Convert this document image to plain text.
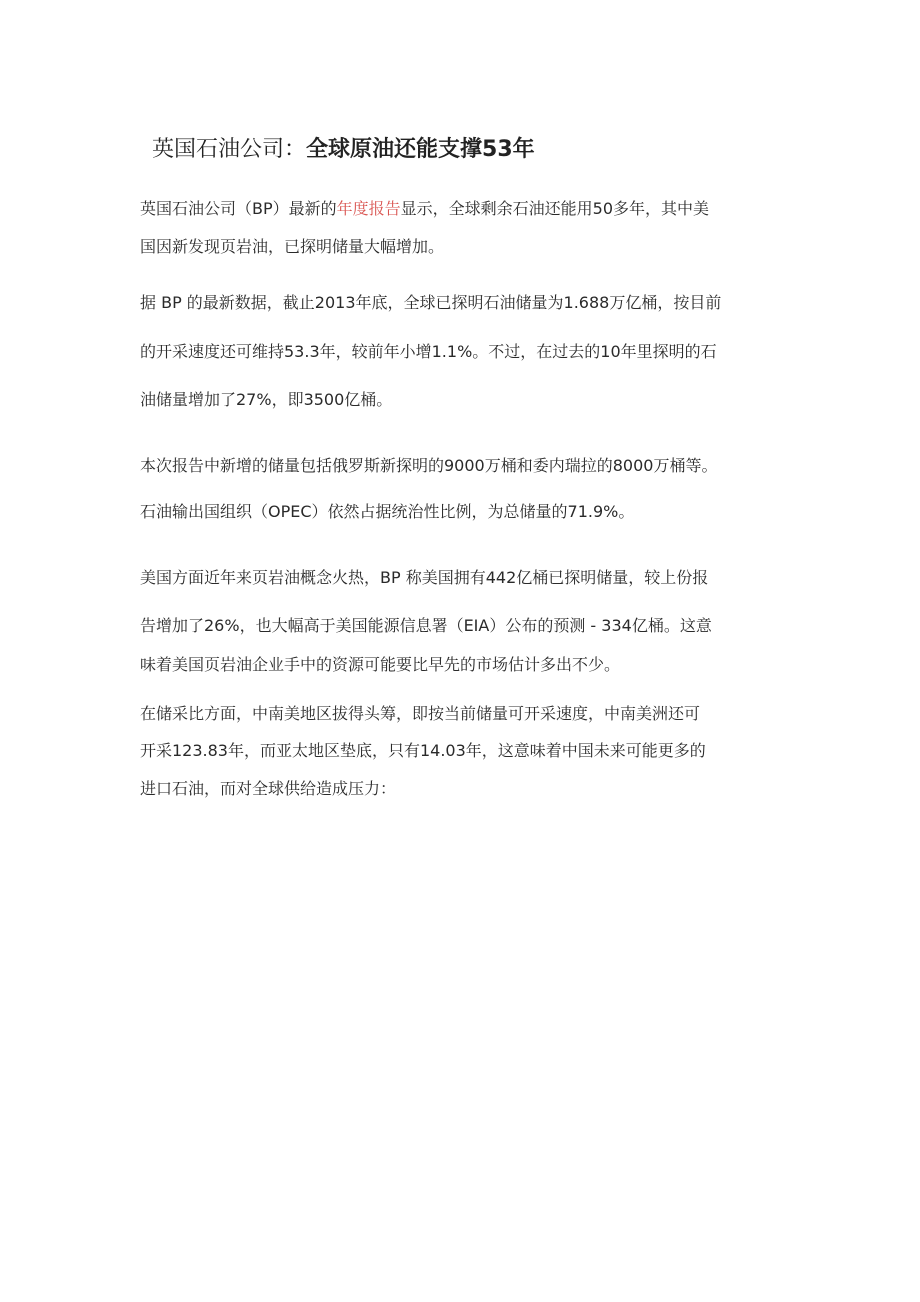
英国石油公司：全球原油还能支撑53年
英国石油公司（BP）最新的年度报告显示，全球剩余石油还能用50多年，其中美
国因新发现页岩油，已探明储量大幅增加。
据 BP 的最新数据，截止2013年底，全球已探明石油储量为1.688万亿桶，按目前
的开采速度还可维持53.3年，较前年小增1.1%。不过，在过去的10年里探明的石
油储量增加了27%，即3500亿桶。
本次报告中新增的储量包括俄罗斯新探明的9000万桶和委内瑞拉的8000万桶等。
石油输出国组织（OPEC）依然占据统治性比例，为总储量的71.9%。
美国方面近年来页岩油概念火热，BP 称美国拥有442亿桶已探明储量，较上份报
告增加了26%，也大幅高于美国能源信息署（EIA）公布的预测 - 334亿桶。这意
味着美国页岩油企业手中的资源可能要比早先的市场估计多出不少。
在储采比方面，中南美地区拔得头筹，即按当前储量可开采速度，中南美洲还可
开采123.83年，而亚太地区垫底，只有14.03年，这意味着中国未来可能更多的
进口石油，而对全球供给造成压力：
